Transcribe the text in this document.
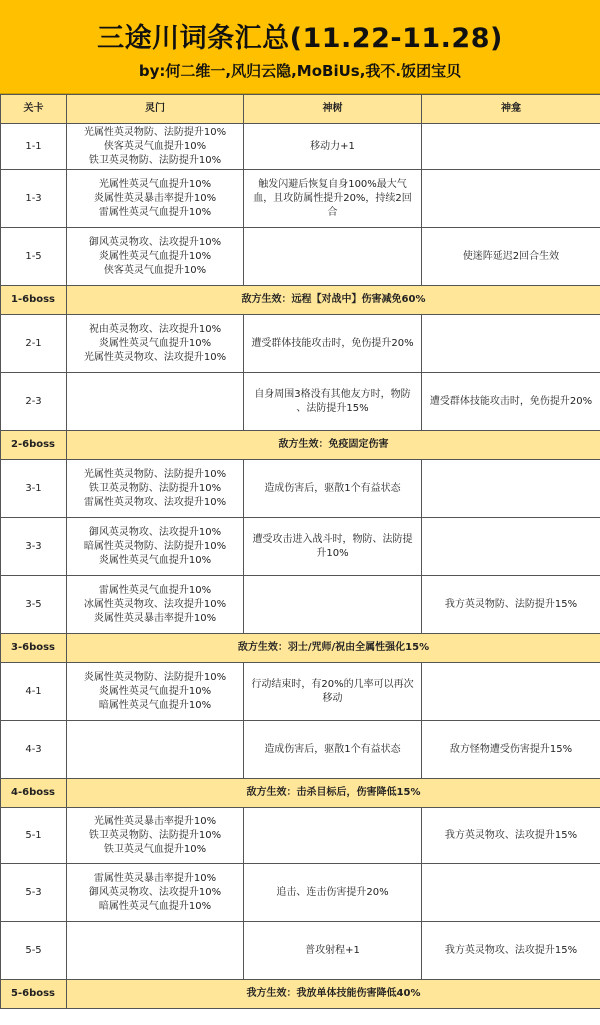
三途川词条汇总(11.22-11.28)
by:何二维一,风归云隐,MoBiUs,我不.饭团宝贝
关卡	灵门	神树	神龛
1-1	光属性英灵物防、法防提升10%
侠客英灵气血提升10%
铁卫英灵物防、法防提升10%	移动力+1	
1-3	光属性英灵气血提升10%
炎属性英灵暴击率提升10%
雷属性英灵气血提升10%	触发闪避后恢复自身100%最大气
血，且攻防属性提升20%，持续2回
合	
1-5	御风英灵物攻、法攻提升10%
炎属性英灵气血提升10%
侠客英灵气血提升10%		使迷阵延迟2回合生效
1-6boss	敌方生效：远程【对战中】伤害减免60%		
2-1	祝由英灵物攻、法攻提升10%
炎属性英灵气血提升10%
光属性英灵物攻、法攻提升10%	遭受群体技能攻击时，免伤提升20%	
2-3		自身周围3格没有其他友方时，物防
、法防提升15%	遭受群体技能攻击时，免伤提升20%
2-6boss	敌方生效：免疫固定伤害		
3-1	光属性英灵物防、法防提升10%
铁卫英灵物防、法防提升10%
雷属性英灵物攻、法攻提升10%	造成伤害后，驱散1个有益状态	
3-3	御风英灵物攻、法攻提升10%
暗属性英灵物防、法防提升10%
炎属性英灵气血提升10%	遭受攻击进入战斗时，物防、法防提
升10%	
3-5	雷属性英灵气血提升10%
冰属性英灵物攻、法攻提升10%
炎属性英灵暴击率提升10%		我方英灵物防、法防提升15%
3-6boss	敌方生效：羽士/咒师/祝由全属性强化15%		
4-1	炎属性英灵物防、法防提升10%
炎属性英灵气血提升10%
暗属性英灵气血提升10%	行动结束时，有20%的几率可以再次
移动	
4-3		造成伤害后，驱散1个有益状态	敌方怪物遭受伤害提升15%
4-6boss	敌方生效：击杀目标后，伤害降低15%		
5-1	光属性英灵暴击率提升10%
铁卫英灵物防、法防提升10%
铁卫英灵气血提升10%		我方英灵物攻、法攻提升15%
5-3	雷属性英灵暴击率提升10%
御风英灵物攻、法攻提升10%
暗属性英灵气血提升10%	追击、连击伤害提升20%	
5-5		普攻射程+1	我方英灵物攻、法攻提升15%
5-6boss	我方生效：我放单体技能伤害降低40%		
